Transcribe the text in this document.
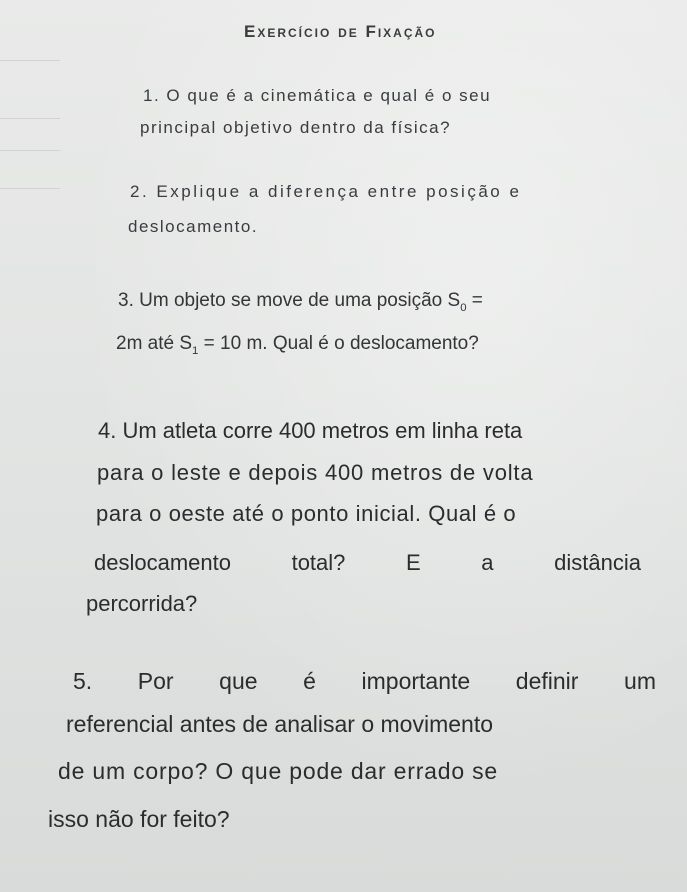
Exercício de Fixação

1. O que é a cinemática e qual é o seu

principal objetivo dentro da física?

2. Explique a diferença entre posição e

deslocamento.

3. Um objeto se move de uma posição $S_0$ =

2m até $S_1 = 10$ m. Qual é o deslocamento?

4. Um atleta corre 400 metros em linha reta

para o leste e depois 400 metros de volta

para o oeste até o ponto inicial. Qual é o

deslocamento	total?	E	a	distância

percorrida?

5. Por que é importante definir um

referencial antes de analisar o movimento

de um corpo? O que pode dar errado se

isso não for feito?
